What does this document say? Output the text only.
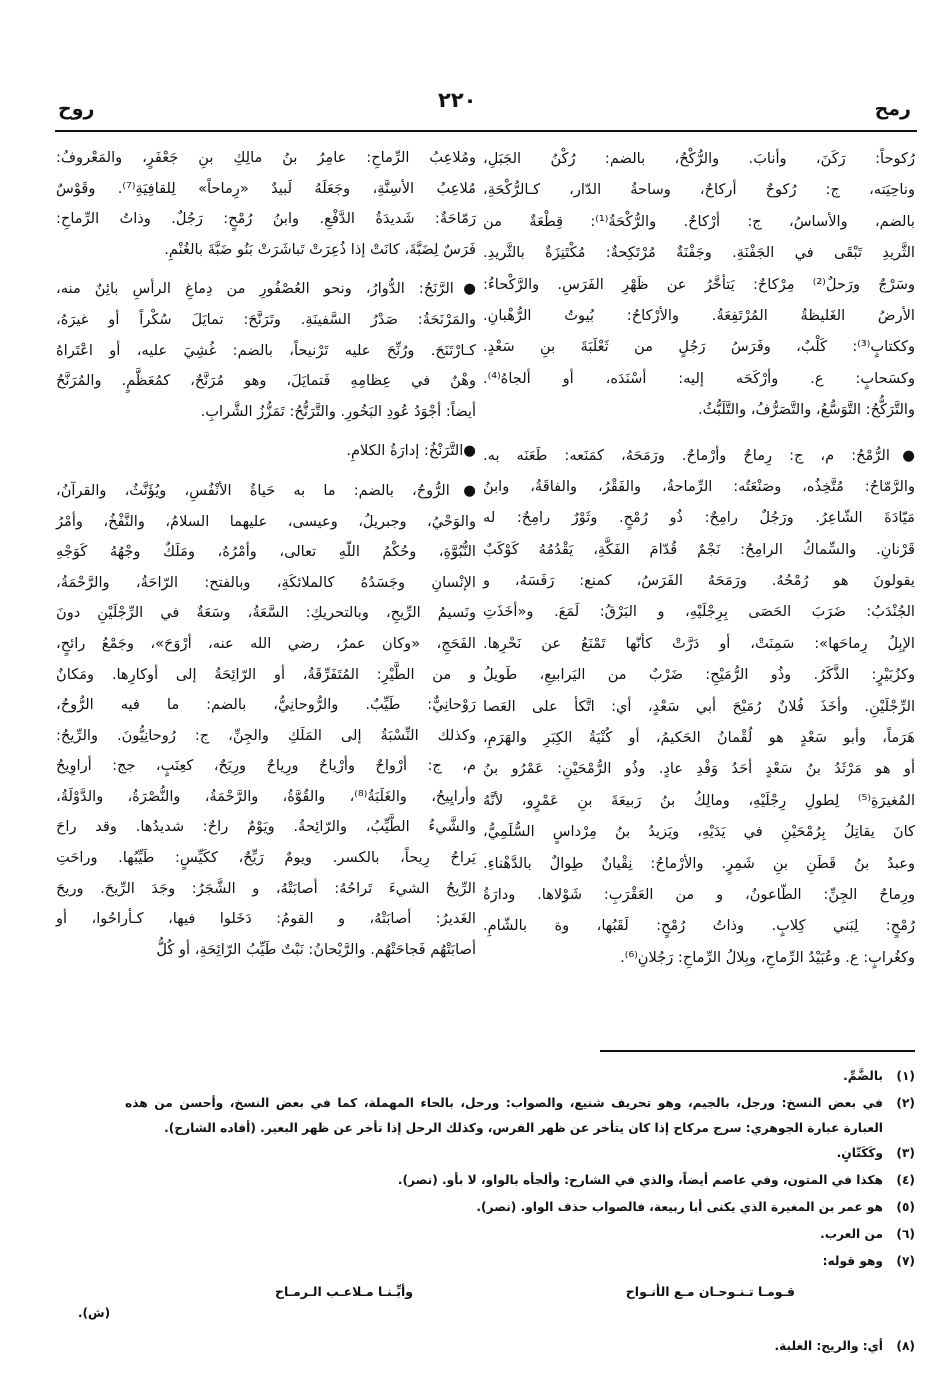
رمح
٢٢٠
روح
رُكوحاً: رَكَنَ، وأنابَ. والرُّكْحُ، بالضم: رُكْنُ الجَبَلِ،
وناحِيَته، ج: رُكوحٌ أركاحٌ، وساحةُ الدّار، كـالرُّكْحَةِ،
بالضم، والأساسُ، ج: أرْكاحٌ. والرُّكْحَةُ⁽¹⁾: قِطْعَةٌ من
الثَّريدِ تَبْقَى في الجَفْنَةِ. وجَفْنَةٌ مُرْتَكِحةٌ: مُكْتَنِزَةٌ بالثَّريدِ.
وسَرْجٌ ورَحلٌ⁽²⁾ مِرْكاحٌ: يَتأخَّرُ عن ظَهْرِ الفَرَسِ. والرَّكْحاءُ:
الأرضُ الغَليظةُ المُرْتَفِعَةُ. والأرْكاحُ: بُيوتُ الرُّهْبانِ.
وككتابٍ⁽³⁾: كَلْبٌ، وفَرَسُ رَجُلٍ من ثَعْلَبَةَ بنِ سَعْدٍ.
وكسَحابٍ: ع. وأرْكَحَه إليه: أسْنَدَه، أو ألجاهُ⁽⁴⁾.
والتَّرَكُّحُ: التَّوَسُّعُ، والتَّصَرُّفُ، والتَّلَبُّثُ.
●الرُّمْحُ: م، ج: رِماحٌ وأرْماحٌ. ورَمَحَهُ، كمَنَعه: طَعَنَه به.
والرَّمّاحُ: مُتَّخِذُه، وصَنْعَتُه: الرِّماحةُ، والفَقْرُ، والفاقَةُ، وابنُ
مَيّادَةَ الشّاعِرُ. ورَجُلٌ رامِحٌ: ذُو رُمْحٍ. وثَوْرٌ رامِحٌ: له
قَرْنانِ. والسِّماكُ الرامِحُ: نَجْمٌ قُدّامَ الفَكَّةِ، يَقْدُمُهُ كَوْكَبٌ
يقولونَ هو رُمْحُهُ. ورَمَحَهُ الفَرَسُ، كمنع: رَفَسَهُ، و
الجُنْدَبُ: ضَرَبَ الحَصَى بِرِجْلَيْهِ، و البَرْقُ: لَمَعَ. و«أخَذَتِ
الإبِلُ رِماحَها»: سَمِنَتْ، أو دَرَّتْ كأنّها تَمْنَعُ عن نَحْرِها.
وكزُبَيْرٍ: الذَّكَرُ. وذُو الرُّمَيْحِ: ضَرْبٌ من اليَرابيعِ، طَويلُ
الرِّجْلَيْنِ. وأخَذَ فُلانٌ رُمَيْحَ أبي سَعْدٍ، أي: اتَّكأ على العَصا
هَرَماً، وأبو سَعْدٍ هو لُقْمانُ الحَكيمُ، أو كُنْيَةُ الكِبَرِ والهَرَمِ،
أو هو مَرْثَدُ بنُ سَعْدٍ أحَدُ وَفْدِ عادٍ. وذُو الرُّمْحَيْنِ: عَمْرُو بنُ
المُغيرَةِ⁽⁵⁾ لِطولِ رِجْلَيْهِ، ومالِكُ بنُ رَبيعَةَ بنِ عَمْرٍو، لأنَّهُ
كانَ يقاتِلُ بِرُمْحَيْنِ في يَدَيْهِ، ويَزيدُ بنُ مِرْداسٍ السُّلَمِيُّ،
وعبدُ بنُ قَطَنِ بنِ شَمِرٍ. والأرْماحُ: نِقْيانٌ طِوالٌ بالدَّهْناءِ.
ورِماحُ الجِنِّ: الطّاعونُ، و من العَقْرَبِ: شَوْلاها. ودارَةُ
رُمْحٍ: لِبَني كِلابٍ. وذاتُ رُمْحٍ: لَقَبُها، وة بالشّامِ.
وكغُرابٍ: ع. وعُبَيْدُ الرِّماحِ، وبِلالُ الرِّماحِ: رَجُلانِ⁽⁶⁾.
ومُلاعِبُ الرِّماحِ: عامِرُ بنُ مالِكِ بنِ جَعْفَرٍ، والمَعْروفُ:
مُلاعِبُ الأسِنَّةِ، وجَعَلَهُ لَبيدٌ «رِماحاً» لِلقافِيَةِ⁽⁷⁾. وقَوْسٌ
رَمّاحَةٌ: شَديدَةُ الدَّفْعِ. وابنُ رُمْحٍ: رَجُلٌ. وذاتُ الرِّماحِ:
فَرَسٌ لِضَبَّةَ، كانَتْ إذا ذُعِرَتْ تَباشَرَتْ بَنُو ضَبَّةَ بالغُنْمِ.
●الرَّنَحُ: الدُّوارُ، ونحو العُصْفُورِ من دِماغِ الرأسِ بائِنٌ منه،
والمَرْنَحَةُ: صَدْرُ السَّفينَةِ. وتَرَنَّحَ: تمايَلَ سُكْراً أو غيرَهُ،
كـارْتَنَحَ. ورُنِّحَ عليه تَرْنيحاً، بالضم: غُشِيَ عليه، أو اعْتَراهُ
وهْنٌ في عِظامِهِ فَتمايَلَ، وهو مُرَنَّحٌ، كمُعَظَّمٍ. والمُرَنَّحُ
أيضاً: أجْوَدُ عُودِ البَخُورِ. والتَّرَنُّحُ: تَمَزُّزُ الشَّرابِ.
●التَّرَنْخُ: إدارَةُ الكلامِ.
●الرُّوحُ، بالضم: ما به حَياةُ الأنْفُسِ، ويُؤَنَّثُ، والقرآنُ،
والوَحْيُ، وجبريلُ، وعيسى، عليهما السلامُ، والنَّفْخُ، وأمْرُ
النُّبُوَّةِ، وحُكْمُ اللّهِ تعالى، وأمْرُهُ، ومَلَكٌ وجْهُهُ كَوَجْهِ
الإنْسانِ وجَسَدُهُ كالملائكَةِ، وبالفتح: الرّاحَةُ، والرَّحْمَةُ،
ونَسيمُ الرِّيحِ، وبالتحريكِ: السَّعَةُ، وسَعَةٌ في الرِّجْلَيْنِ دونَ
الفَحَجِ، «وكان عمرُ، رضي الله عنه، أرْوَحَ»، وجَمْعُ رائحٍ،
و من الطَّيْرِ: المُتَفَرِّقَةُ، أو الرّائِحَةُ إلى أوكارِها. ومَكانٌ
رَوْحانِيٌّ: طَيِّبٌ. والرُّوحانِيُّ، بالضم: ما فيه الرُّوحُ،
وكذلك النِّسْبَةُ إلى المَلَكِ والجِنِّ، ج: رُوحانِيُّونَ. والرِّيحُ:
م، ج: أرْواحٌ وأرْياحٌ ورِياحٌ ورِيَحٌ، كعِنَبٍ، جج: أراوِيحُ
وأرايِيحُ، والغَلَبَةُ⁽⁸⁾، والقُوَّةُ، والرَّحْمَةُ، والنُّصْرَةُ، والدَّوْلَةُ،
والشَّيءُ الطَّيِّبُ، والرّائِحةُ. ويَوْمٌ راحٌ: شديدُها. وقد راحَ
يَراحُ رِيحاً، بالكسر. ويومٌ رَيِّحٌ، ككَيِّسٍ: طَيِّبُها. وراحَتِ
الرِّيحُ الشيءَ تَراحُهُ: أصابَتْهُ، و الشَّجَرُ: وجَدَ الرِّيحَ. وريحَ
الغَديرُ: أصابَتْهُ، و القومُ: دَخَلوا فيها، كـأراحُوا، أو
أصابَتْهُم فَجاحَتْهُم. والرَّيْحانُ: نَبْتٌ طَيِّبُ الرّائِحَةِ، أو كُلُّ
(١)
بالضَّمِّ.
(٢)
في بعض النسخ: ورجل، بالجيم، وهو تحريف شنيع، والصواب: ورحل، بالحاء المهملة، كما في بعض النسخ، وأحسن من هذه العبارة عبارة الجوهري: سرج مركاح إذا كان يتأخر عن ظهر الفرس، وكذلك الرحل إذا تأخر عن ظهر البعير. (أفاده الشارح).
(٣)
وكَكَتّانٍ.
(٤)
هكذا في المتون، وفي عاصم أيضاً، والذي في الشارح: وألجأه بالواو، لا بأو. (نصر).
(٥)
هو عمر بن المغيرة الذي يكنى أبا ربيعة، فالصواب حذف الواو. (نصر).
(٦)
من العرب.
(٧)
وهو قوله:
قـومـا تـنـوحـان مـع الأنـواح
وأبِّـنـا مـلاعـب الـرمـاح
(ش).
(٨)
أي: والريح: الغلبة.
